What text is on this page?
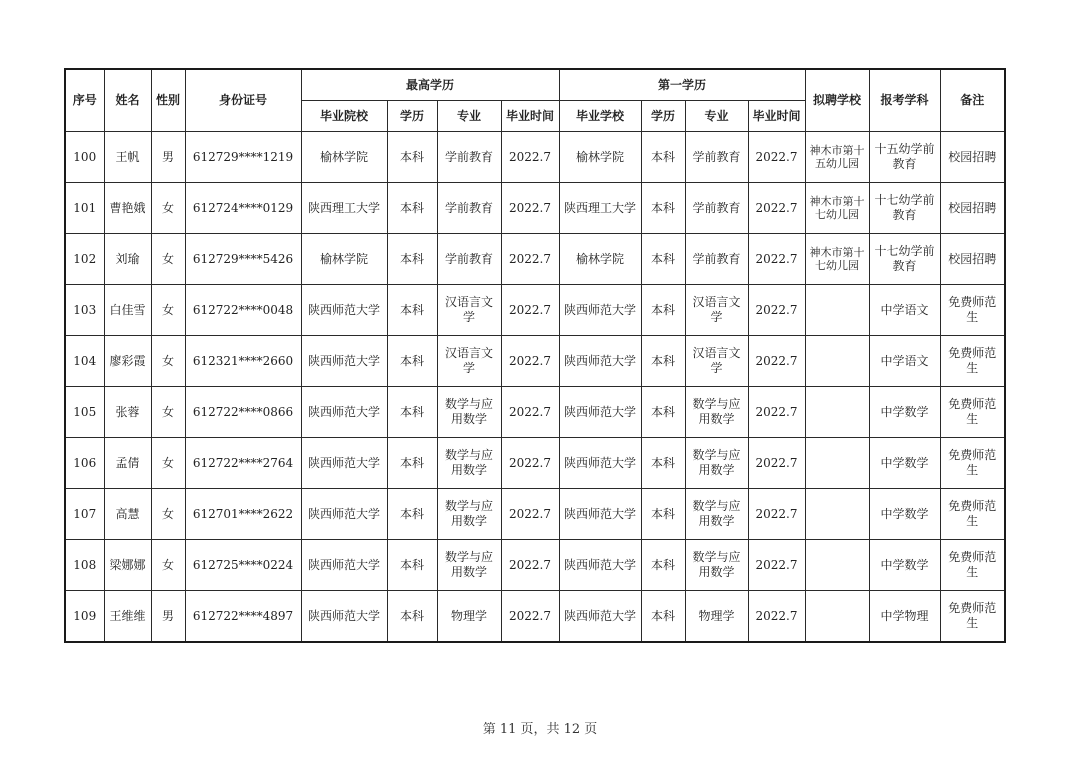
序号	姓名	性别	身份证号	最高学历				第一学历				拟聘学校	报考学科	备注
				毕业院校	学历	专业	毕业时间	毕业学校	学历	专业	毕业时间			
100	王帆	男	612729****1219	榆林学院	本科	学前教育	2022.7	榆林学院	本科	学前教育	2022.7	神木市第十五幼儿园	十五幼学前教育	校园招聘
101	曹艳娥	女	612724****0129	陕西理工大学	本科	学前教育	2022.7	陕西理工大学	本科	学前教育	2022.7	神木市第十七幼儿园	十七幼学前教育	校园招聘
102	刘瑜	女	612729****5426	榆林学院	本科	学前教育	2022.7	榆林学院	本科	学前教育	2022.7	神木市第十七幼儿园	十七幼学前教育	校园招聘
103	白佳雪	女	612722****0048	陕西师范大学	本科	汉语言文学	2022.7	陕西师范大学	本科	汉语言文学	2022.7		中学语文	免费师范生
104	廖彩霞	女	612321****2660	陕西师范大学	本科	汉语言文学	2022.7	陕西师范大学	本科	汉语言文学	2022.7		中学语文	免费师范生
105	张蓉	女	612722****0866	陕西师范大学	本科	数学与应用数学	2022.7	陕西师范大学	本科	数学与应用数学	2022.7		中学数学	免费师范生
106	孟倩	女	612722****2764	陕西师范大学	本科	数学与应用数学	2022.7	陕西师范大学	本科	数学与应用数学	2022.7		中学数学	免费师范生
107	高慧	女	612701****2622	陕西师范大学	本科	数学与应用数学	2022.7	陕西师范大学	本科	数学与应用数学	2022.7		中学数学	免费师范生
108	梁娜娜	女	612725****0224	陕西师范大学	本科	数学与应用数学	2022.7	陕西师范大学	本科	数学与应用数学	2022.7		中学数学	免费师范生
109	王维维	男	612722****4897	陕西师范大学	本科	物理学	2022.7	陕西师范大学	本科	物理学	2022.7		中学物理	免费师范生
第 11 页，共 12 页
